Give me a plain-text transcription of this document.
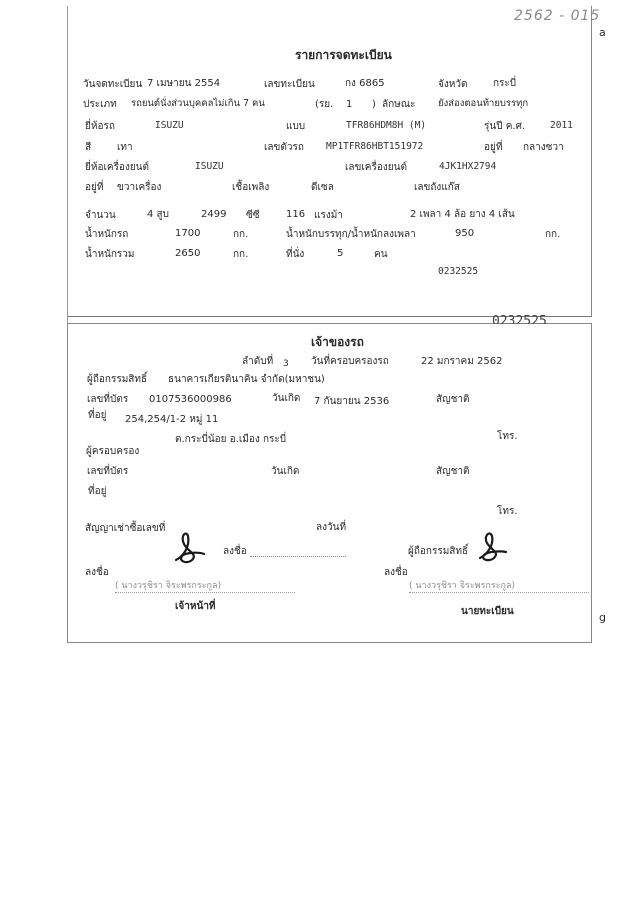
2562 - 015
a
รายการจดทะเบียน
วันจดทะเบียน 7 เมษายน 2554	เลขทะเบียน	กง 6865	จังหวัด	กระบี่
ประเภท รถยนต์นั่งส่วนบุคคลไม่เกิน 7 คน	(รย. 1 ) ลักษณะ ยังส่องตอนท้ายบรรทุก
ยี่ห้อรถ	ISUZU	แบบ	TFR86HDM8H (M)	รุ่นปี ค.ศ.	2011
สี	เทา	เลขตัวรถ MP1TFR86HBT151972	อยู่ที่ กลางซวา
ยี่ห้อเครื่องยนต์	ISUZU	เลขเครื่องยนต์	4JK1HX2794
อยู่ที่ ขวาเครื่อง	เชื้อเพลิง	ดีเซล	เลขถังแก๊ส
จำนวน	4 สูบ	2499 ซีซี	116 แรงม้า	2 เพลา 4 ล้อ ยาง 4 เส้น
น้ำหนักรถ	1700	กก.	น้ำหนักบรรทุก/น้ำหนักลงเพลา	950	กก.
น้ำหนักรวม	2650	กก.	ที่นั่ง	5	คน
0232525
0232525
เจ้าของรถ
ลำดับที่ 3 วันที่ครอบครองรถ	22 มกราคม 2562
ผู้ถือกรรมสิทธิ์ ธนาคารเกียรตินาคิน จำกัด(มหาชน)
เลขที่บัตร 0107536000986	วันเกิด 7 กันยายน 2536	สัญชาติ
ที่อยู่ 254,254/1-2 หมู่ 11
ต.กระบี่น้อย อ.เมือง กระบี่	โทร.
ผู้ครอบครอง
เลขที่บัตร	วันเกิด	สัญชาติ
ที่อยู่
โทร.
สัญญาเช่าซื้อเลขที่	ลงวันที่
ลงชื่อ	ผู้ถือกรรมสิทธิ์
ลงชื่อ	ลงชื่อ
( นางวรุชิรา จิระพรกระกูล)	( นางวรุชิรา จิระพรกระกูล)
เจ้าหน้าที่	นายทะเบียน	g
